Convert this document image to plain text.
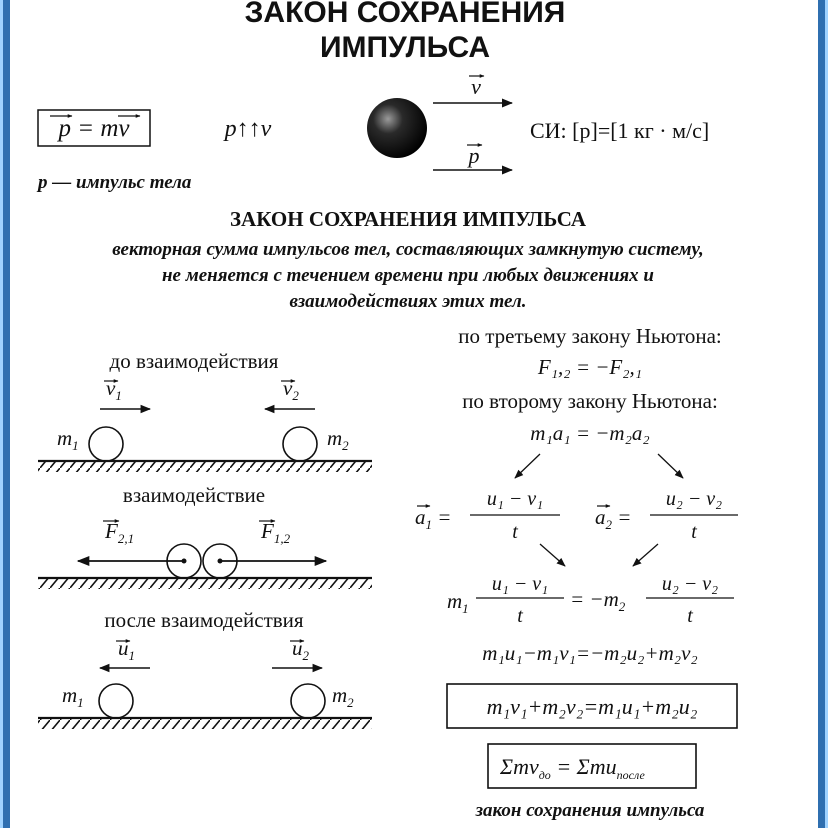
ЗАКОН СОХРАНЕНИЯ
ИМПУЛЬСА
p = mv	p↑↑v
v
p
СИ: [p]=[1 кг · м/с]
p — импульс тела
ЗАКОН СОХРАНЕНИЯ ИМПУЛЬСА
векторная сумма импульсов тел, составляющих замкнутую систему,
не меняется с течением времени при любых движениях и
взаимодействиях этих тел.
до взаимодействия
$v_1$	$v_2$
$m_1$	$m_2$
взаимодействие
$F_{2,1}$	$F_{1,2}$
после взаимодействия
$u_1$	$u_2$
$m_1$	$m_2$
по третьему закону Ньютона:
F₁,₂ = −F₂,₁
по второму закону Ньютона:
m₁a₁ = −m₂a₂
$a_1$ =
u₁ − v₁
t
$a_2$ =
u₂ − v₂
t
$m_1$
u₁ − v₁
t
= $-m_2$
u₂ − v₂
t
m₁u₁−m₁v₁=−m₂u₂+m₂v₂
m₁v₁+m₂v₂=m₁u₁+m₂u₂
Σmv$_{до}$ = Σmu$_{после}$
закон сохранения импульса
